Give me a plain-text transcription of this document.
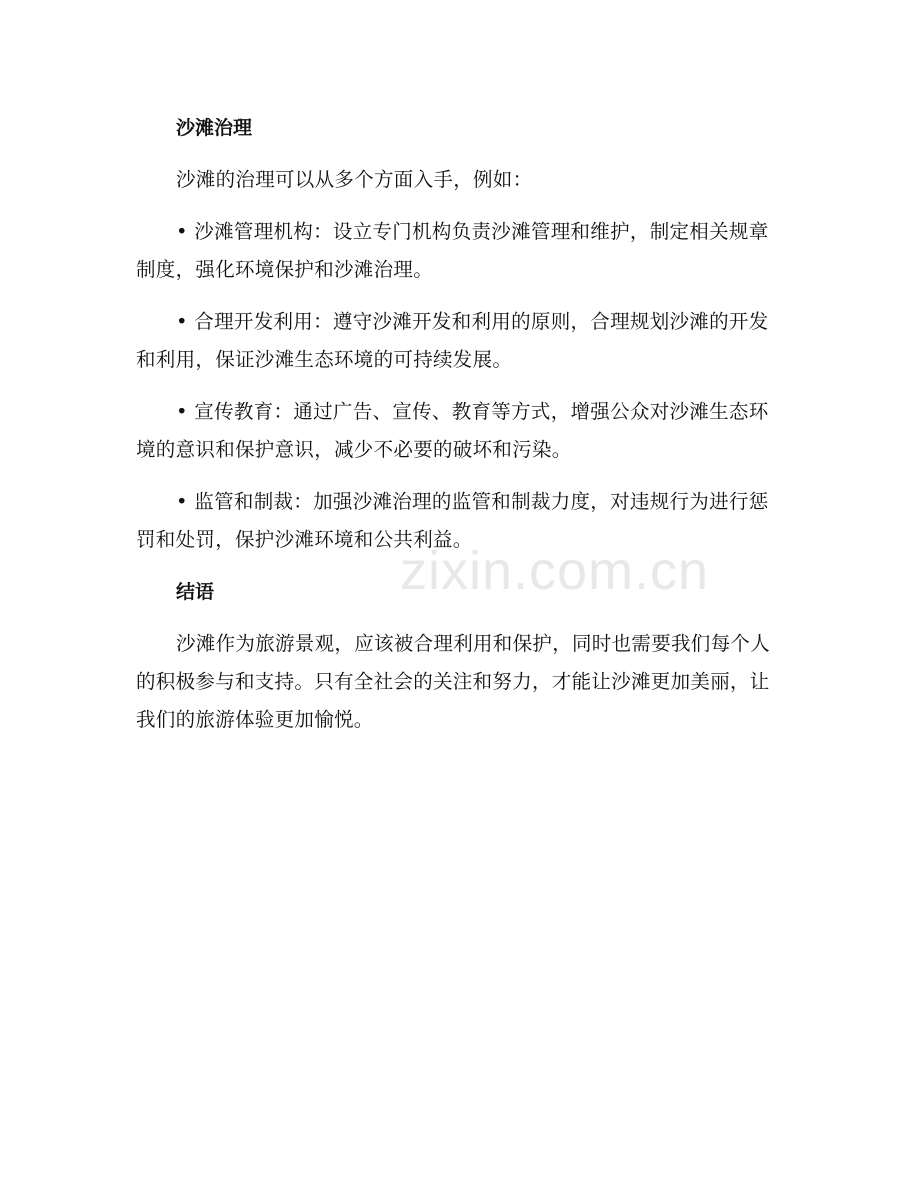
沙滩治理

沙滩的治理可以从多个方面入手，例如：

• 沙滩管理机构：设立专门机构负责沙滩管理和维护，制定相关规章制度，强化环境保护和沙滩治理。

• 合理开发利用：遵守沙滩开发和利用的原则，合理规划沙滩的开发和利用，保证沙滩生态环境的可持续发展。

• 宣传教育：通过广告、宣传、教育等方式，增强公众对沙滩生态环境的意识和保护意识，减少不必要的破坏和污染。

• 监管和制裁：加强沙滩治理的监管和制裁力度，对违规行为进行惩罚和处罚，保护沙滩环境和公共利益。

结语

沙滩作为旅游景观，应该被合理利用和保护，同时也需要我们每个人的积极参与和支持。只有全社会的关注和努力，才能让沙滩更加美丽，让我们的旅游体验更加愉悦。

zixin.com.cn
